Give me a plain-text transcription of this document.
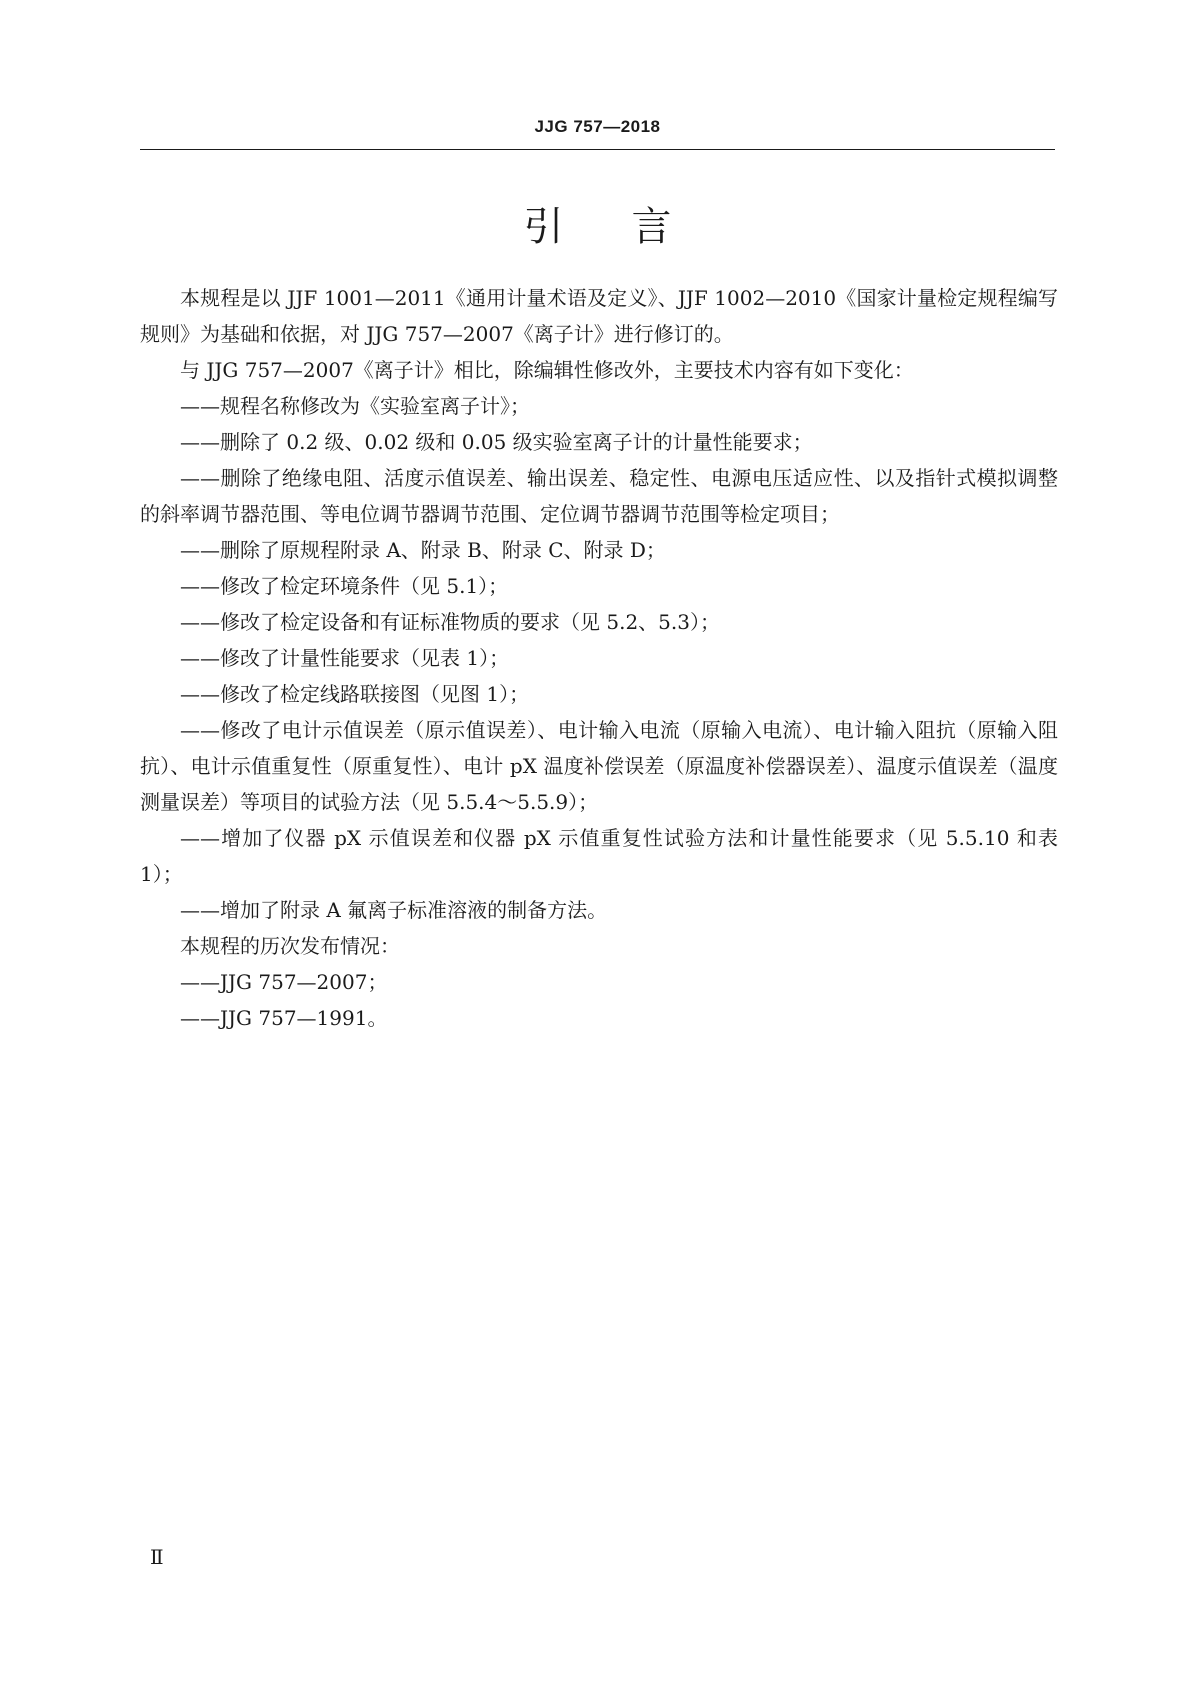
JJG 757—2018
引言

本规程是以 JJF 1001—2011《通用计量术语及定义》、JJF 1002—2010《国家计量检定规程编写规则》为基础和依据，对 JJG 757—2007《离子计》进行修订的。

与 JJG 757—2007《离子计》相比，除编辑性修改外，主要技术内容有如下变化：

——规程名称修改为《实验室离子计》；

——删除了 0.2 级、0.02 级和 0.05 级实验室离子计的计量性能要求；

——删除了绝缘电阻、活度示值误差、输出误差、稳定性、电源电压适应性、以及指针式模拟调整的斜率调节器范围、等电位调节器调节范围、定位调节器调节范围等检定项目；

——删除了原规程附录 A、附录 B、附录 C、附录 D；

——修改了检定环境条件（见 5.1）；

——修改了检定设备和有证标准物质的要求（见 5.2、5.3）；

——修改了计量性能要求（见表 1）；

——修改了检定线路联接图（见图 1）；

——修改了电计示值误差（原示值误差）、电计输入电流（原输入电流）、电计输入阻抗（原输入阻抗）、电计示值重复性（原重复性）、电计 pX 温度补偿误差（原温度补偿器误差）、温度示值误差（温度测量误差）等项目的试验方法（见 5.5.4～5.5.9）；

——增加了仪器 pX 示值误差和仪器 pX 示值重复性试验方法和计量性能要求（见 5.5.10 和表 1）；

——增加了附录 A 氟离子标准溶液的制备方法。

本规程的历次发布情况：

——JJG 757—2007；

——JJG 757—1991。

Ⅱ
